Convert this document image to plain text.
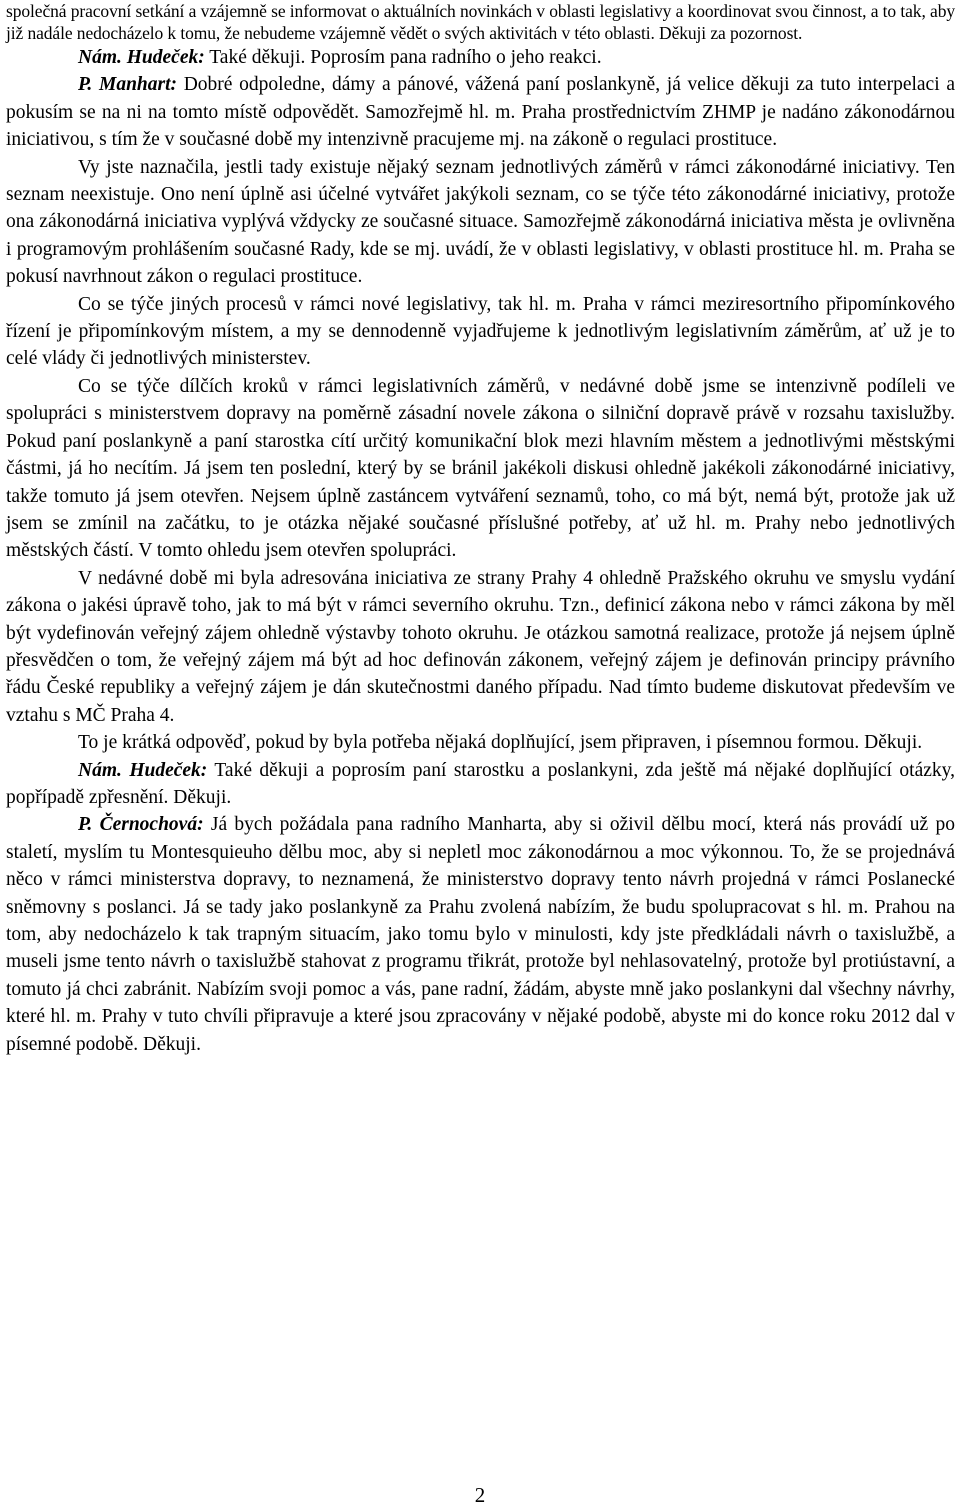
společná pracovní setkání a vzájemně se informovat o aktuálních novinkách v oblasti legislativy a koordinovat svou činnost, a to tak, aby již nadále nedocházelo k tomu, že nebudeme vzájemně vědět o svých aktivitách v této oblasti. Děkuji za pozornost.

Nám. Hudeček: Také děkuji. Poprosím pana radního o jeho reakci.

P. Manhart: Dobré odpoledne, dámy a pánové, vážená paní poslankyně, já velice děkuji za tuto interpelaci a pokusím se na ni na tomto místě odpovědět. Samozřejmě hl. m. Praha prostřednictvím ZHMP je nadáno zákonodárnou iniciativou, s tím že v současné době my intenzivně pracujeme mj. na zákoně o regulaci prostituce.

Vy jste naznačila, jestli tady existuje nějaký seznam jednotlivých záměrů v rámci zákonodárné iniciativy. Ten seznam neexistuje. Ono není úplně asi účelné vytvářet jakýkoli seznam, co se týče této zákonodárné iniciativy, protože ona zákonodárná iniciativa vyplývá vždycky ze současné situace. Samozřejmě zákonodárná iniciativa města je ovlivněna i programovým prohlášením současné Rady, kde se mj. uvádí, že v oblasti legislativy, v oblasti prostituce hl. m. Praha se pokusí navrhnout zákon o regulaci prostituce.

Co se týče jiných procesů v rámci nové legislativy, tak hl. m. Praha v rámci meziresortního připomínkového řízení je připomínkovým místem, a my se dennodenně vyjadřujeme k jednotlivým legislativním záměrům, ať už je to celé vlády či jednotlivých ministerstev.

Co se týče dílčích kroků v rámci legislativních záměrů, v nedávné době jsme se intenzivně podíleli ve spolupráci s ministerstvem dopravy na poměrně zásadní novele zákona o silniční dopravě právě v rozsahu taxislužby. Pokud paní poslankyně a paní starostka cítí určitý komunikační blok mezi hlavním městem a jednotlivými městskými částmi, já ho necítím. Já jsem ten poslední, který by se bránil jakékoli diskusi ohledně jakékoli zákonodárné iniciativy, takže tomuto já jsem otevřen. Nejsem úplně zastáncem vytváření seznamů, toho, co má být, nemá být, protože jak už jsem se zmínil na začátku, to je otázka nějaké současné příslušné potřeby, ať už hl. m. Prahy nebo jednotlivých městských částí. V tomto ohledu jsem otevřen spolupráci.

V nedávné době mi byla adresována iniciativa ze strany Prahy 4 ohledně Pražského okruhu ve smyslu vydání zákona o jakési úpravě toho, jak to má být v rámci severního okruhu. Tzn., definicí zákona nebo v rámci zákona by měl být vydefinován veřejný zájem ohledně výstavby tohoto okruhu. Je otázkou samotná realizace, protože já nejsem úplně přesvědčen o tom, že veřejný zájem má být ad hoc definován zákonem, veřejný zájem je definován principy právního řádu České republiky a veřejný zájem je dán skutečnostmi daného případu. Nad tímto budeme diskutovat především ve vztahu s MČ Praha 4.

To je krátká odpověď, pokud by byla potřeba nějaká doplňující, jsem připraven, i písemnou formou. Děkuji.

Nám. Hudeček: Také děkuji a poprosím paní starostku a poslankyni, zda ještě má nějaké doplňující otázky, popřípadě zpřesnění. Děkuji.

P. Černochová: Já bych požádala pana radního Manharta, aby si oživil dělbu mocí, která nás provádí už po staletí, myslím tu Montesquieuho dělbu moc, aby si nepletl moc zákonodárnou a moc výkonnou. To, že se projednává něco v rámci ministerstva dopravy, to neznamená, že ministerstvo dopravy tento návrh projedná v rámci Poslanecké sněmovny s poslanci. Já se tady jako poslankyně za Prahu zvolená nabízím, že budu spolupracovat s hl. m. Prahou na tom, aby nedocházelo k tak trapným situacím, jako tomu bylo v minulosti, kdy jste předkládali návrh o taxislužbě, a museli jsme tento návrh o taxislužbě stahovat z programu třikrát, protože byl nehlasovatelný, protože byl protiústavní, a tomuto já chci zabránit. Nabízím svoji pomoc a vás, pane radní, žádám, abyste mně jako poslankyni dal všechny návrhy, které hl. m. Prahy v tuto chvíli připravuje a které jsou zpracovány v nějaké podobě, abyste mi do konce roku 2012 dal v písemné podobě. Děkuji.

2
